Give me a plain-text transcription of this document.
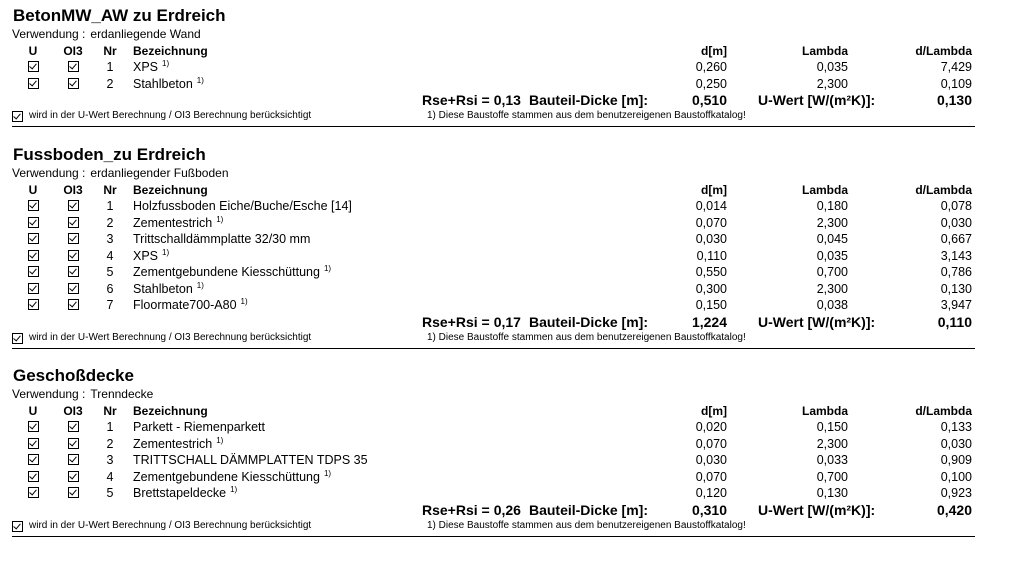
BetonMW_AW zu Erdreich
Verwendung : erdanliegende Wand
U	OI3	Nr Bezeichnung	d[m]	Lambda	d/Lambda
1	XPS $^{1)}$	0,260	0,035	7,429
2	Stahlbeton $^{1)}$	0,250	2,300	0,109
Rse+Rsi = 0,13 Bauteil-Dicke [m]:	0,510 U-Wert [W/(m²K)]:	0,130
wird in der U-Wert Berechnung / OI3 Berechnung berücksichtigt	1) Diese Baustoffe stammen aus dem benutzereigenen Baustoffkatalog!
Fussboden_zu Erdreich
Verwendung : erdanliegender Fußboden
U	OI3	Nr Bezeichnung	d[m]	Lambda	d/Lambda
1	Holzfussboden Eiche/Buche/Esche [14]	0,014	0,180	0,078
2	Zementestrich $^{1)}$	0,070	2,300	0,030
3	Trittschalldämmplatte 32/30 mm	0,030	0,045	0,667
4	XPS $^{1)}$	0,110	0,035	3,143
5	Zementgebundene Kiesschüttung $^{1)}$	0,550	0,700	0,786
6	Stahlbeton $^{1)}$	0,300	2,300	0,130
7	Floormate700-A80 $^{1)}$	0,150	0,038	3,947
Rse+Rsi = 0,17 Bauteil-Dicke [m]:	1,224 U-Wert [W/(m²K)]:	0,110
wird in der U-Wert Berechnung / OI3 Berechnung berücksichtigt	1) Diese Baustoffe stammen aus dem benutzereigenen Baustoffkatalog!
Geschoßdecke
Verwendung : Trenndecke
U	OI3	Nr Bezeichnung	d[m]	Lambda	d/Lambda
1	Parkett - Riemenparkett	0,020	0,150	0,133
2	Zementestrich $^{1)}$	0,070	2,300	0,030
3	TRITTSCHALL DÄMMPLATTEN TDPS 35	0,030	0,033	0,909
4	Zementgebundene Kiesschüttung $^{1)}$	0,070	0,700	0,100
5	Brettstapeldecke $^{1)}$	0,120	0,130	0,923
Rse+Rsi = 0,26 Bauteil-Dicke [m]:	0,310 U-Wert [W/(m²K)]:	0,420
wird in der U-Wert Berechnung / OI3 Berechnung berücksichtigt	1) Diese Baustoffe stammen aus dem benutzereigenen Baustoffkatalog!
